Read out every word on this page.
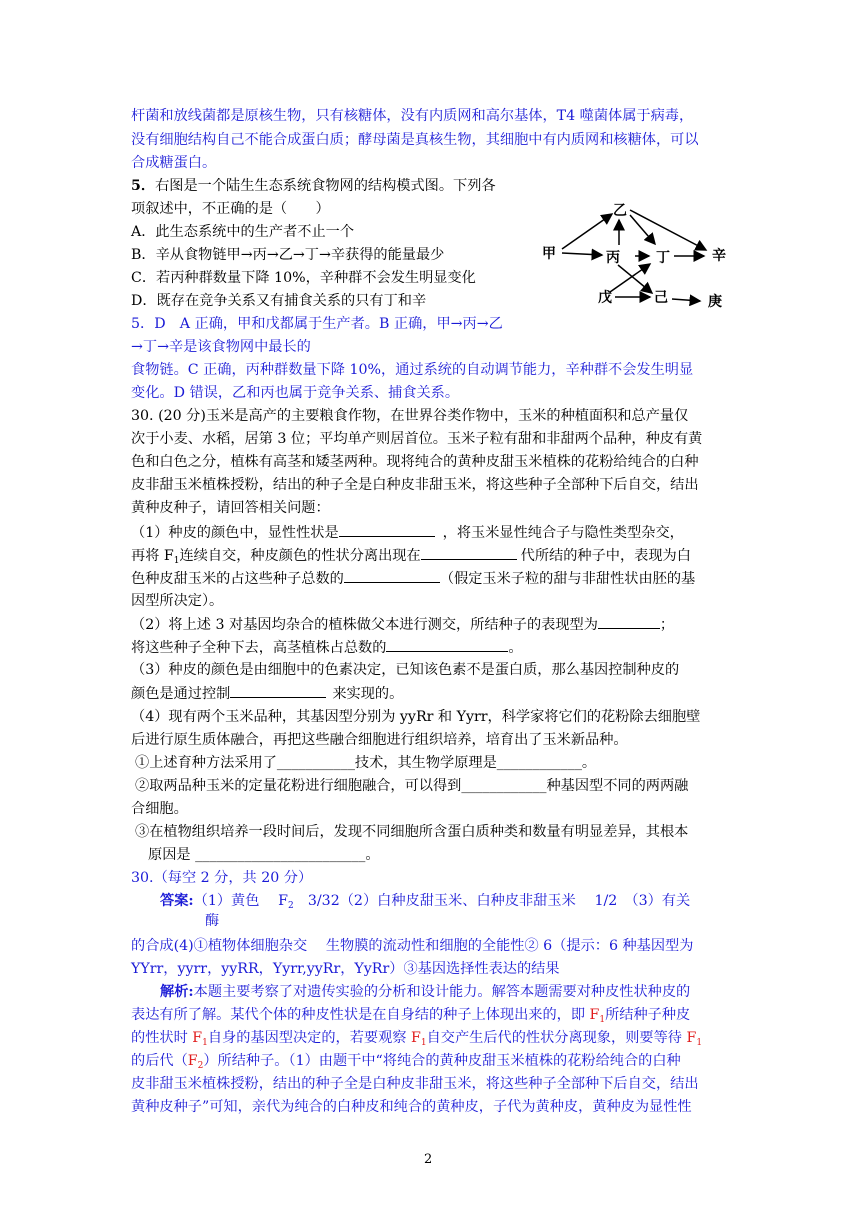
杆菌和放线菌都是原核生物，只有核糖体，没有内质网和高尔基体，T4 噬菌体属于病毒，
没有细胞结构自己不能合成蛋白质；酵母菌是真核生物，其细胞中有内质网和核糖体，可以
合成糖蛋白。
5．右图是一个陆生生态系统食物网的结构模式图。下列各
项叙述中，不正确的是（　　）
A．此生态系统中的生产者不止一个
B．辛从食物链甲→丙→乙→丁→辛获得的能量最少
C．若丙种群数量下降 10%，辛种群不会发生明显变化
D．既存在竞争关系又有捕食关系的只有丁和辛
5．D　A 正确，甲和戊都属于生产者。B 正确，甲→丙→乙
→丁→辛是该食物网中最长的
食物链。C 正确，丙种群数量下降 10%，通过系统的自动调节能力，辛种群不会发生明显
变化。D 错误，乙和丙也属于竞争关系、捕食关系。
甲	丙
乙
丁	辛
戊	己	庚
30. (20 分)玉米是高产的主要粮食作物，在世界谷类作物中，玉米的种植面积和总产量仅
次于小麦、水稻，居第 3 位；平均单产则居首位。玉米子粒有甜和非甜两个品种，种皮有黄
色和白色之分，植株有高茎和矮茎两种。现将纯合的黄种皮甜玉米植株的花粉给纯合的白种
皮非甜玉米植株授粉，结出的种子全是白种皮非甜玉米，将这些种子全部种下后自交，结出
黄种皮种子，请回答相关问题：
（1）种皮的颜色中，显性性状是	，将玉米显性纯合子与隐性类型杂交，
再将 $F_1$连续自交，种皮颜色的性状分离出现在	代所结的种子中，表现为白
色种皮甜玉米的占这些种子总数的	（假定玉米子粒的甜与非甜性状由胚的基
因型所决定）。
（2）将上述 3 对基因均杂合的植株做父本进行测交，所结种子的表现型为	；
将这些种子全种下去，高茎植株占总数的	。
（3）种皮的颜色是由细胞中的色素决定，已知该色素不是蛋白质，那么基因控制种皮的
颜色是通过控制	来实现的。
（4）现有两个玉米品种，其基因型分别为 yyRr 和 Yyrr，科学家将它们的花粉除去细胞壁
后进行原生质体融合，再把这些融合细胞进行组织培养，培育出了玉米新品种。
①上述育种方法采用了___________技术，其生物学原理是____________。
②取两品种玉米的定量花粉进行细胞融合，可以得到____________种基因型不同的两两融
合细胞。
③在植物组织培养一段时间后，发现不同细胞所含蛋白质种类和数量有明显差异，其根本
原因是 ________________________。
30.（每空 2 分，共 20 分）
答案:（1）黄色　 $F_2$　3/32（2）白种皮甜玉米、白种皮非甜玉米　 1/2　（3）有关
酶
的合成(4)①植物体细胞杂交　 生物膜的流动性和细胞的全能性② 6（提示：6 种基因型为
YYrr，yyrr，yyRR，Yyrr,yyRr，YyRr）③基因选择性表达的结果
解析:本题主要考察了对遗传实验的分析和设计能力。解答本题需要对种皮性状种皮的
表达有所了解。某代个体的种皮性状是在自身结的种子上体现出来的，即 $F_1$所结种子种皮
的性状时 $F_1$自身的基因型决定的，若要观察 $F_1$自交产生后代的性状分离现象，则要等待 $F_1$
的后代$(F_2)$所结种子。（1）由题干中“将纯合的黄种皮甜玉米植株的花粉给纯合的白种
皮非甜玉米植株授粉，结出的种子全是白种皮非甜玉米，将这些种子全部种下后自交，结出
黄种皮种子”可知，亲代为纯合的白种皮和纯合的黄种皮，子代为黄种皮，黄种皮为显性性
2
